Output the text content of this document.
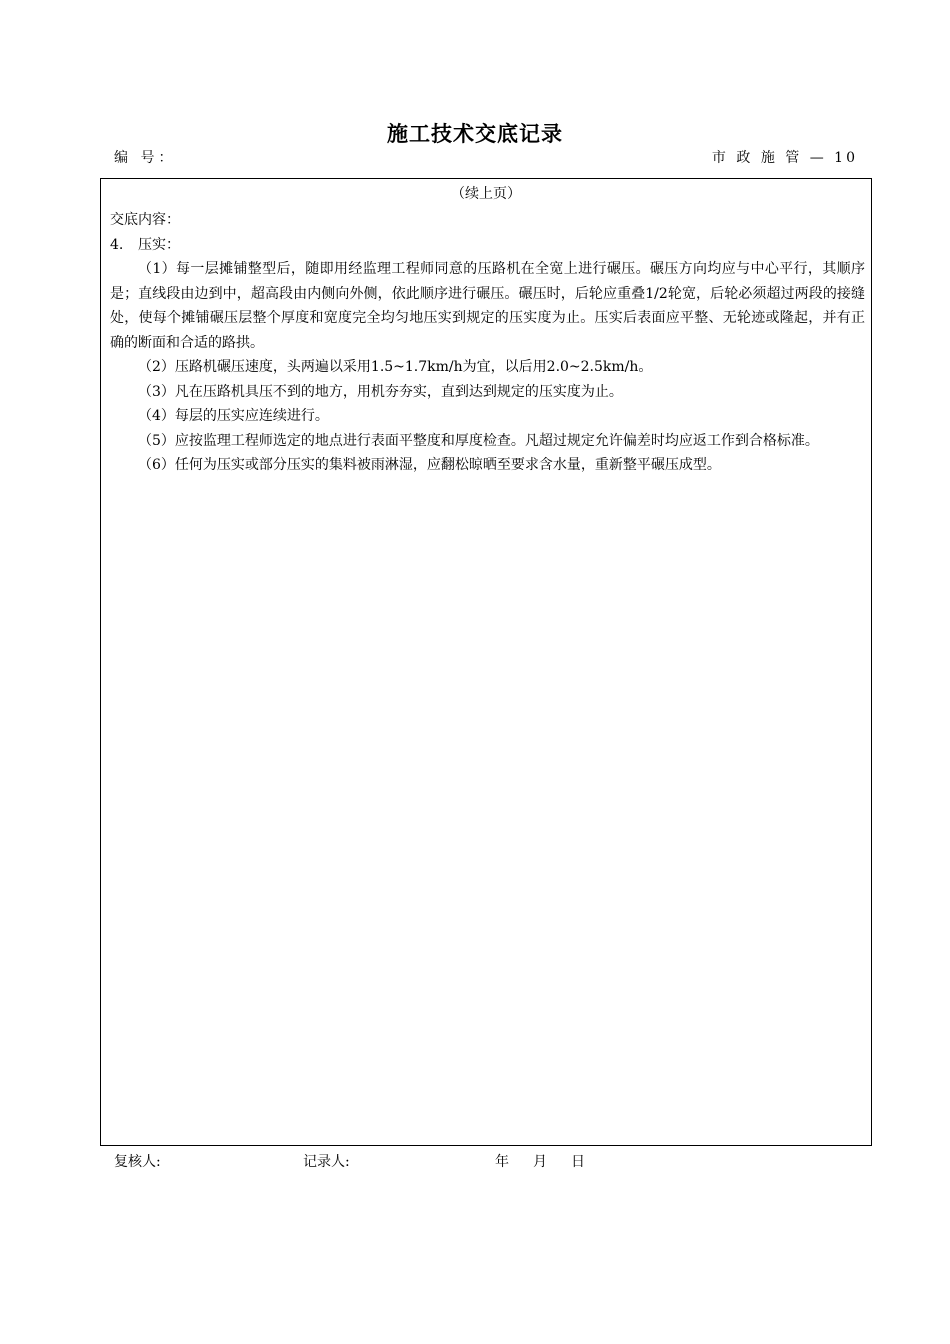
施工技术交底记录
编 号：	市 政 施 管 — 10
（续上页）

交底内容：

4. 压实：

（1）每一层摊铺整型后，随即用经监理工程师同意的压路机在全宽上进行碾压。碾压方向均应与中心平行，其顺序是；直线段由边到中，超高段由内侧向外侧，依此顺序进行碾压。碾压时，后轮应重叠1/2轮宽，后轮必须超过两段的接缝处，使每个摊铺碾压层整个厚度和宽度完全均匀地压实到规定的压实度为止。压实后表面应平整、无轮迹或隆起，并有正确的断面和合适的路拱。

（2）压路机碾压速度，头两遍以采用1.5~1.7km/h为宜，以后用2.0~2.5km/h。

（3）凡在压路机具压不到的地方，用机夯夯实，直到达到规定的压实度为止。

（4）每层的压实应连续进行。

（5）应按监理工程师选定的地点进行表面平整度和厚度检查。凡超过规定允许偏差时均应返工作到合格标准。

（6）任何为压实或部分压实的集料被雨淋湿，应翻松晾晒至要求含水量，重新整平碾压成型。

复核人:	记录人:	年 月 日
